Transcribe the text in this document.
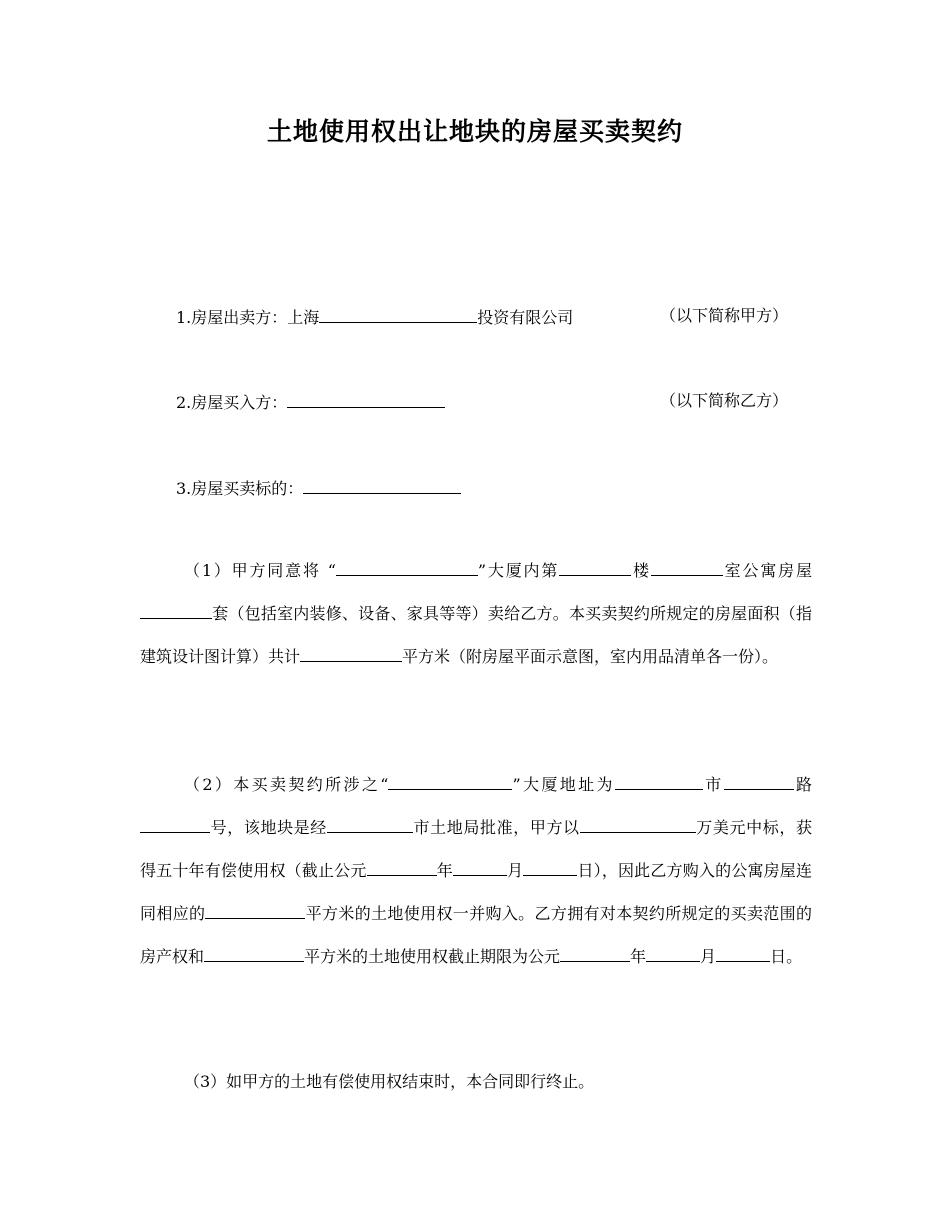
土地使用权出让地块的房屋买卖契约
1.房屋出卖方：上海	投资有限公司	（以下简称甲方）
2.房屋买入方：	（以下简称乙方）
3.房屋买卖标的：

（1）甲方同意将 “	”大厦内第	楼	室公寓房屋套（包括室内装修、设备、家具等等）卖给乙方。本买卖契约所规定的房屋面积（指建筑设计图计算）共计	平方米（附房屋平面示意图，室内用品清单各一份）。

（2）本买卖契约所涉之“	”大厦地址为	市	路号，该地块是经	市土地局批准，甲方以	万美元中标，获得五十年有偿使用权（截止公元	年	月	日），因此乙方购入的公寓房屋连同相应的	平方米的土地使用权一并购入。乙方拥有对本契约所规定的买卖范围的房产权和	平方米的土地使用权截止期限为公元	年	月	日。

（3）如甲方的土地有偿使用权结束时，本合同即行终止。
